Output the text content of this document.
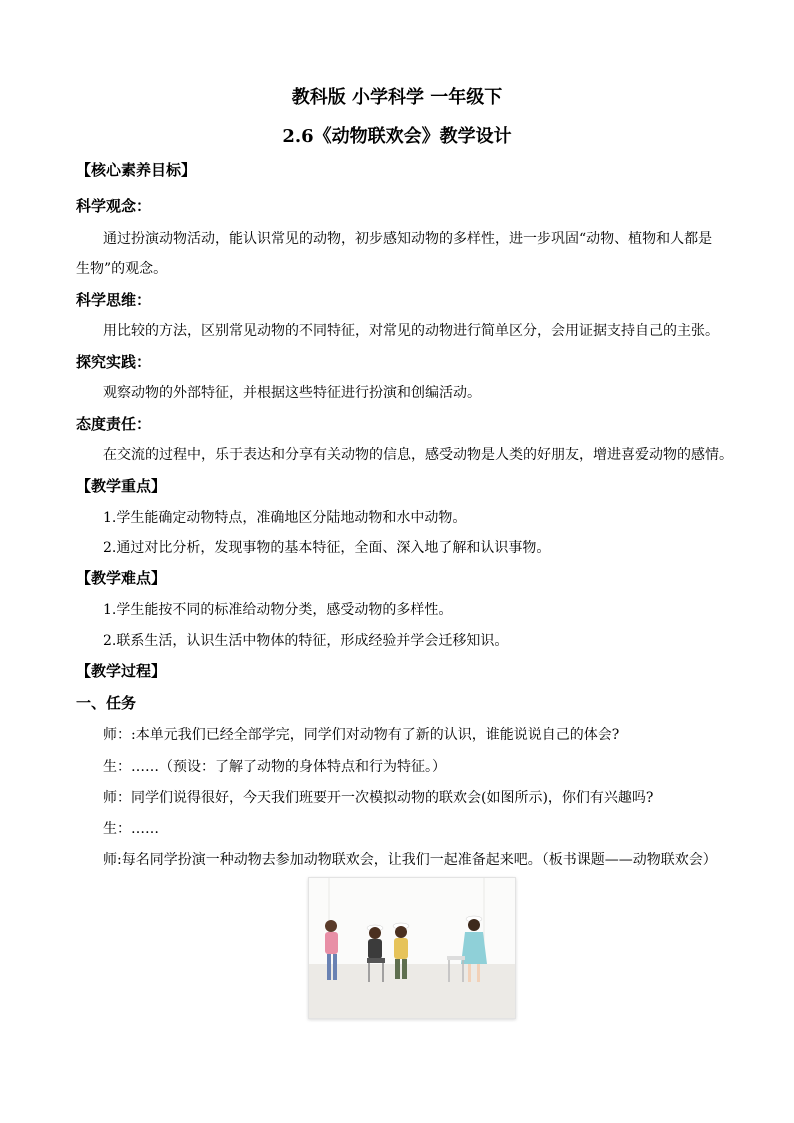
教科版 小学科学 一年级下
2.6《动物联欢会》教学设计
【核心素养目标】
科学观念：
通过扮演动物活动，能认识常见的动物，初步感知动物的多样性，进一步巩固“动物、植物和人都是
生物”的观念。
科学思维：
用比较的方法，区别常见动物的不同特征，对常见的动物进行简单区分，会用证据支持自己的主张。
探究实践：
观察动物的外部特征，并根据这些特征进行扮演和创编活动。
态度责任：
在交流的过程中，乐于表达和分享有关动物的信息，感受动物是人类的好朋友，增进喜爱动物的感情。
【教学重点】
1.学生能确定动物特点，准确地区分陆地动物和水中动物。
2.通过对比分析，发现事物的基本特征，全面、深入地了解和认识事物。
【教学难点】
1.学生能按不同的标准给动物分类，感受动物的多样性。
2.联系生活，认识生活中物体的特征，形成经验并学会迁移知识。
【教学过程】
一、任务
师：:本单元我们已经全部学完，同学们对动物有了新的认识，谁能说说自己的体会?
生：……（预设：了解了动物的身体特点和行为特征。）
师：同学们说得很好，今天我们班要开一次模拟动物的联欢会(如图所示)，你们有兴趣吗?
生：……
师:每名同学扮演一种动物去参加动物联欢会，让我们一起准备起来吧。（板书课题——动物联欢会）
